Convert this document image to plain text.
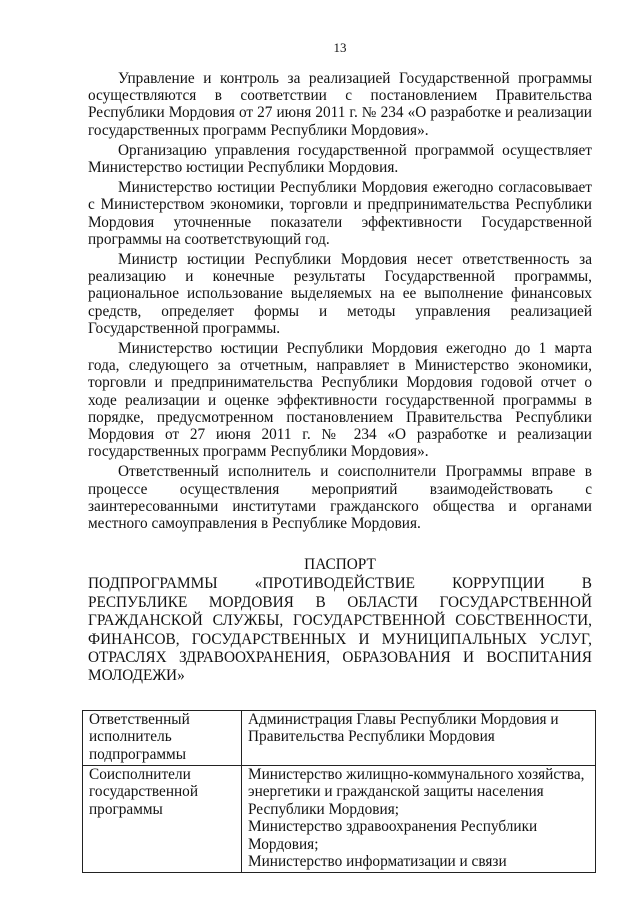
13

Управление и контроль за реализацией Государственной программы осуществляются в соответствии с постановлением Правительства Республики Мордовия от 27 июня 2011 г. № 234 «О разработке и реализации государственных программ Республики Мордовия».

Организацию управления государственной программой осуществляет Министерство юстиции Республики Мордовия.

Министерство юстиции Республики Мордовия ежегодно согласовывает с Министерством экономики, торговли и предпринимательства Республики Мордовия уточненные показатели эффективности Государственной программы на соответствующий год.

Министр юстиции Республики Мордовия несет ответственность за реализацию и конечные результаты Государственной программы, рациональное использование выделяемых на ее выполнение финансовых средств, определяет формы и методы управления реализацией Государственной программы.

Министерство юстиции Республики Мордовия ежегодно до 1 марта года, следующего за отчетным, направляет в Министерство экономики, торговли и предпринимательства Республики Мордовия годовой отчет о ходе реализации и оценке эффективности государственной программы в порядке, предусмотренном постановлением Правительства Республики Мордовия от 27 июня 2011 г. № 234 «О разработке и реализации государственных программ Республики Мордовия».

Ответственный исполнитель и соисполнители Программы вправе в процессе осуществления мероприятий взаимодействовать с заинтересованными институтами гражданского общества и органами местного самоуправления в Республике Мордовия.

ПАСПОРТ
ПОДПРОГРАММЫ «ПРОТИВОДЕЙСТВИЕ КОРРУПЦИИ В РЕСПУБЛИКЕ МОРДОВИЯ В ОБЛАСТИ ГОСУДАРСТВЕННОЙ ГРАЖДАНСКОЙ СЛУЖБЫ, ГОСУДАРСТВЕННОЙ СОБСТВЕННОСТИ, ФИНАНСОВ, ГОСУДАРСТВЕННЫХ И МУНИЦИПАЛЬНЫХ УСЛУГ, ОТРАСЛЯХ ЗДРАВООХРАНЕНИЯ, ОБРАЗОВАНИЯ И ВОСПИТАНИЯ МОЛОДЕЖИ»
Ответственный исполнитель подпрограммы	Администрация Главы Республики Мордовия и Правительства Республики Мордовия
Соисполнители государственной программы	Министерство жилищно-коммунального хозяйства, энергетики и гражданской защиты населения Республики Мордовия;
Министерство здравоохранения Республики Мордовия;
Министерство информатизации и связи
